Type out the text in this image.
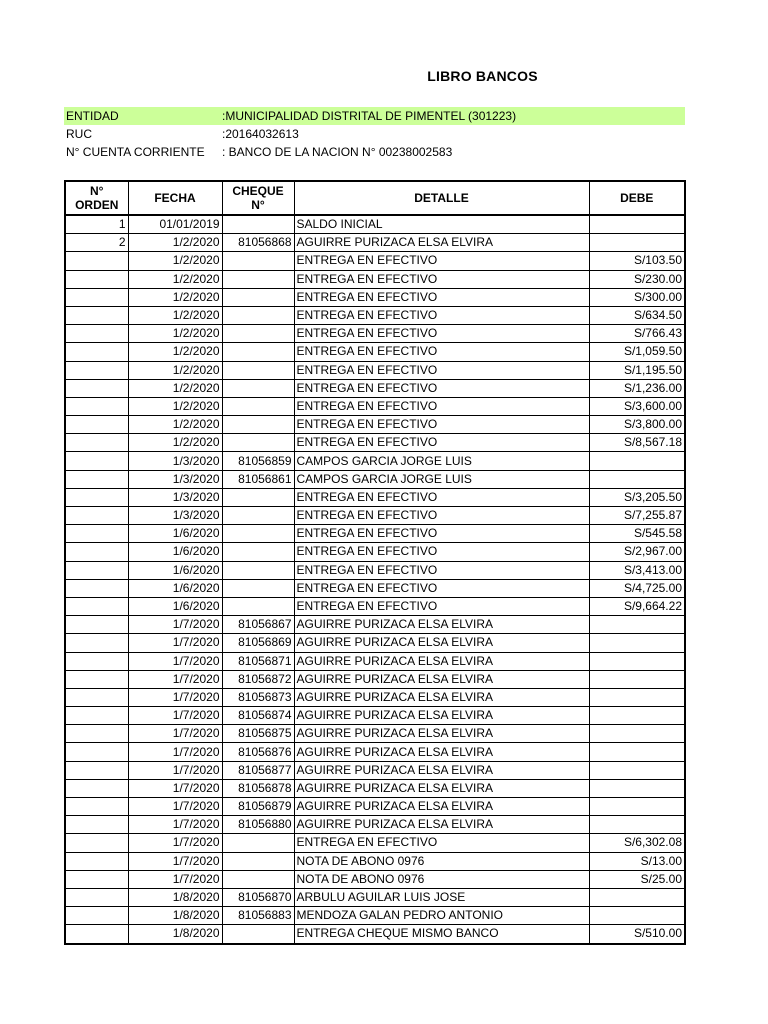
LIBRO BANCOS
ENTIDAD	:MUNICIPALIDAD DISTRITAL DE PIMENTEL (301223)
RUC	:20164032613
N° CUENTA CORRIENTE	: BANCO DE LA NACION N° 00238002583
N° ORDEN	FECHA	CHEQUE N°	DETALLE	DEBE
1	01/01/2019		SALDO INICIAL	
2	1/2/2020	81056868	AGUIRRE PURIZACA ELSA ELVIRA	
	1/2/2020		ENTREGA EN EFECTIVO	S/103.50
	1/2/2020		ENTREGA EN EFECTIVO	S/230.00
	1/2/2020		ENTREGA EN EFECTIVO	S/300.00
	1/2/2020		ENTREGA EN EFECTIVO	S/634.50
	1/2/2020		ENTREGA EN EFECTIVO	S/766.43
	1/2/2020		ENTREGA EN EFECTIVO	S/1,059.50
	1/2/2020		ENTREGA EN EFECTIVO	S/1,195.50
	1/2/2020		ENTREGA EN EFECTIVO	S/1,236.00
	1/2/2020		ENTREGA EN EFECTIVO	S/3,600.00
	1/2/2020		ENTREGA EN EFECTIVO	S/3,800.00
	1/2/2020		ENTREGA EN EFECTIVO	S/8,567.18
	1/3/2020	81056859	CAMPOS GARCIA JORGE LUIS	
	1/3/2020	81056861	CAMPOS GARCIA JORGE LUIS	
	1/3/2020		ENTREGA EN EFECTIVO	S/3,205.50
	1/3/2020		ENTREGA EN EFECTIVO	S/7,255.87
	1/6/2020		ENTREGA EN EFECTIVO	S/545.58
	1/6/2020		ENTREGA EN EFECTIVO	S/2,967.00
	1/6/2020		ENTREGA EN EFECTIVO	S/3,413.00
	1/6/2020		ENTREGA EN EFECTIVO	S/4,725.00
	1/6/2020		ENTREGA EN EFECTIVO	S/9,664.22
	1/7/2020	81056867	AGUIRRE PURIZACA ELSA ELVIRA	
	1/7/2020	81056869	AGUIRRE PURIZACA ELSA ELVIRA	
	1/7/2020	81056871	AGUIRRE PURIZACA ELSA ELVIRA	
	1/7/2020	81056872	AGUIRRE PURIZACA ELSA ELVIRA	
	1/7/2020	81056873	AGUIRRE PURIZACA ELSA ELVIRA	
	1/7/2020	81056874	AGUIRRE PURIZACA ELSA ELVIRA	
	1/7/2020	81056875	AGUIRRE PURIZACA ELSA ELVIRA	
	1/7/2020	81056876	AGUIRRE PURIZACA ELSA ELVIRA	
	1/7/2020	81056877	AGUIRRE PURIZACA ELSA ELVIRA	
	1/7/2020	81056878	AGUIRRE PURIZACA ELSA ELVIRA	
	1/7/2020	81056879	AGUIRRE PURIZACA ELSA ELVIRA	
	1/7/2020	81056880	AGUIRRE PURIZACA ELSA ELVIRA	
	1/7/2020		ENTREGA EN EFECTIVO	S/6,302.08
	1/7/2020		NOTA DE ABONO 0976	S/13.00
	1/7/2020		NOTA DE ABONO 0976	S/25.00
	1/8/2020	81056870	ARBULU AGUILAR LUIS JOSE	
	1/8/2020	81056883	MENDOZA GALAN PEDRO ANTONIO	
	1/8/2020		ENTREGA CHEQUE MISMO BANCO	S/510.00
